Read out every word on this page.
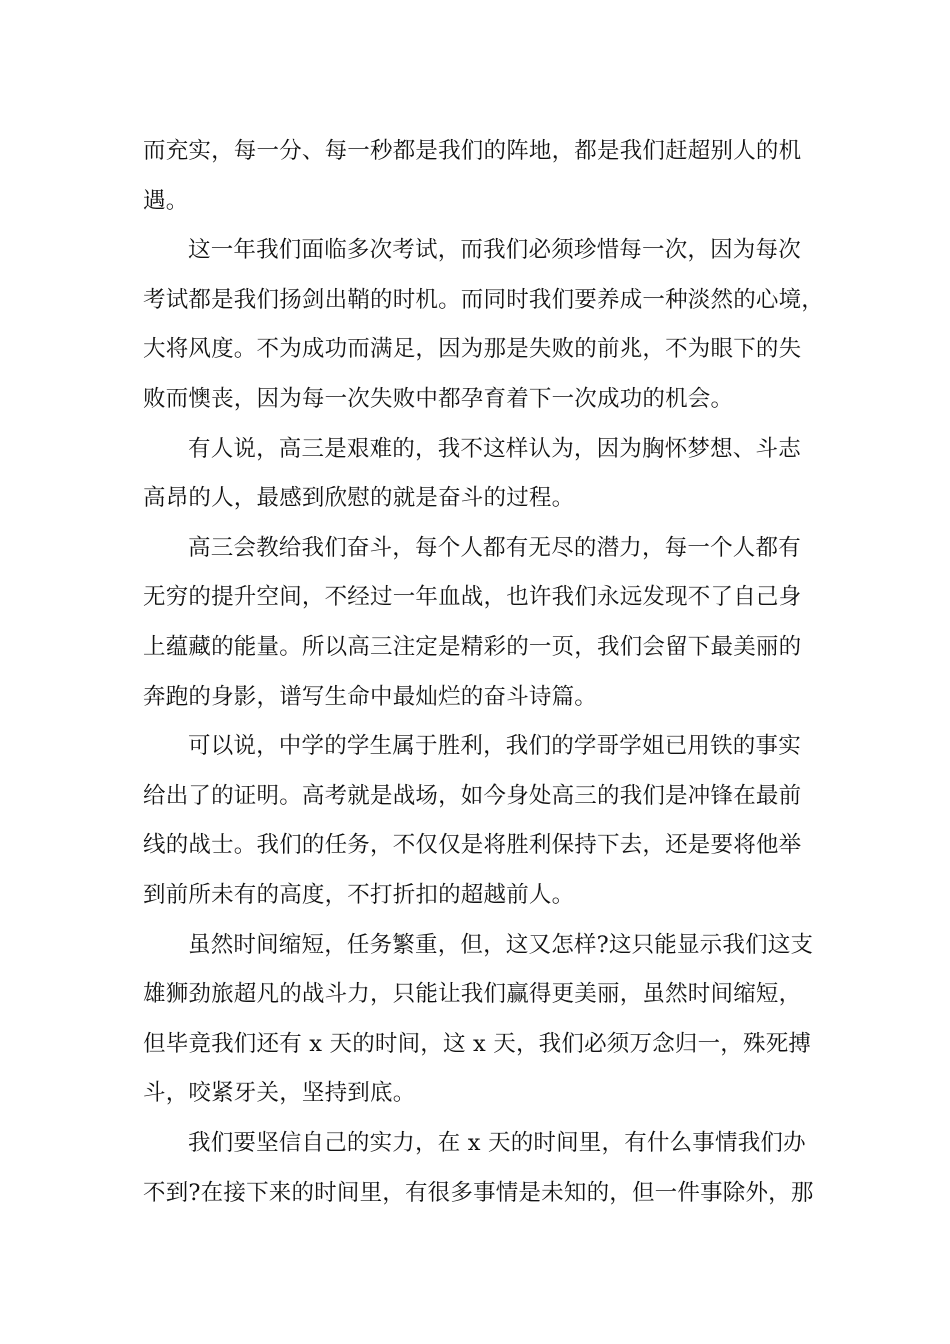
而充实，每一分、每一秒都是我们的阵地，都是我们赶超别人的机
遇。
这一年我们面临多次考试，而我们必须珍惜每一次，因为每次
考试都是我们扬剑出鞘的时机。而同时我们要养成一种淡然的心境，
大将风度。不为成功而满足，因为那是失败的前兆，不为眼下的失
败而懊丧，因为每一次失败中都孕育着下一次成功的机会。
有人说，高三是艰难的，我不这样认为，因为胸怀梦想、斗志
高昂的人，最感到欣慰的就是奋斗的过程。
高三会教给我们奋斗，每个人都有无尽的潜力，每一个人都有
无穷的提升空间，不经过一年血战，也许我们永远发现不了自己身
上蕴藏的能量。所以高三注定是精彩的一页，我们会留下最美丽的
奔跑的身影，谱写生命中最灿烂的奋斗诗篇。
可以说，中学的学生属于胜利，我们的学哥学姐已用铁的事实
给出了的证明。高考就是战场，如今身处高三的我们是冲锋在最前
线的战士。我们的任务，不仅仅是将胜利保持下去，还是要将他举
到前所未有的高度，不打折扣的超越前人。
虽然时间缩短，任务繁重，但，这又怎样?这只能显示我们这支
雄狮劲旅超凡的战斗力，只能让我们赢得更美丽，虽然时间缩短，
但毕竟我们还有 x 天的时间，这 x 天，我们必须万念归一，殊死搏
斗，咬紧牙关，坚持到底。
我们要坚信自己的实力，在 x 天的时间里，有什么事情我们办
不到?在接下来的时间里，有很多事情是未知的，但一件事除外，那
